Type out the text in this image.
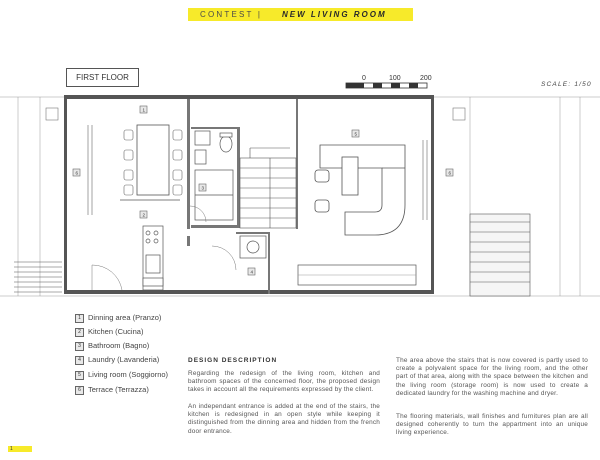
CONTEST | NEW LIVING ROOM
FIRST FLOOR
SCALE: 1/50
0	100	200
1
2
3
4
5
6	6
1 Dinning area (Pranzo)
2 Kitchen (Cucina)
3 Bathroom (Bagno)
4 Laundry (Lavanderia)
5 Living room (Soggiorno)
6 Terrace (Terrazza)
DESIGN DESCRIPTION
Regarding the redesign of the living room, kitchen and bathroom spaces of the concerned floor, the proposed design takes in account all the requirements expressed by the client.
An independant entrance is added at the end of the stairs, the kitchen is redesigned in an open style while keeping it distinguished from the dinning area and hidden from the french door entrance.
The area above the stairs that is now covered is partly used to create a polyvalent space for the living room, and the other part of that area, along with the space between the kitchen and the living room (storage room) is now used to create a dedicated laundry for the washing machine and dryer.
The flooring materials, wall finishes and furnitures plan are all designed coherently to turn the appartment into an unique living experience.
1
